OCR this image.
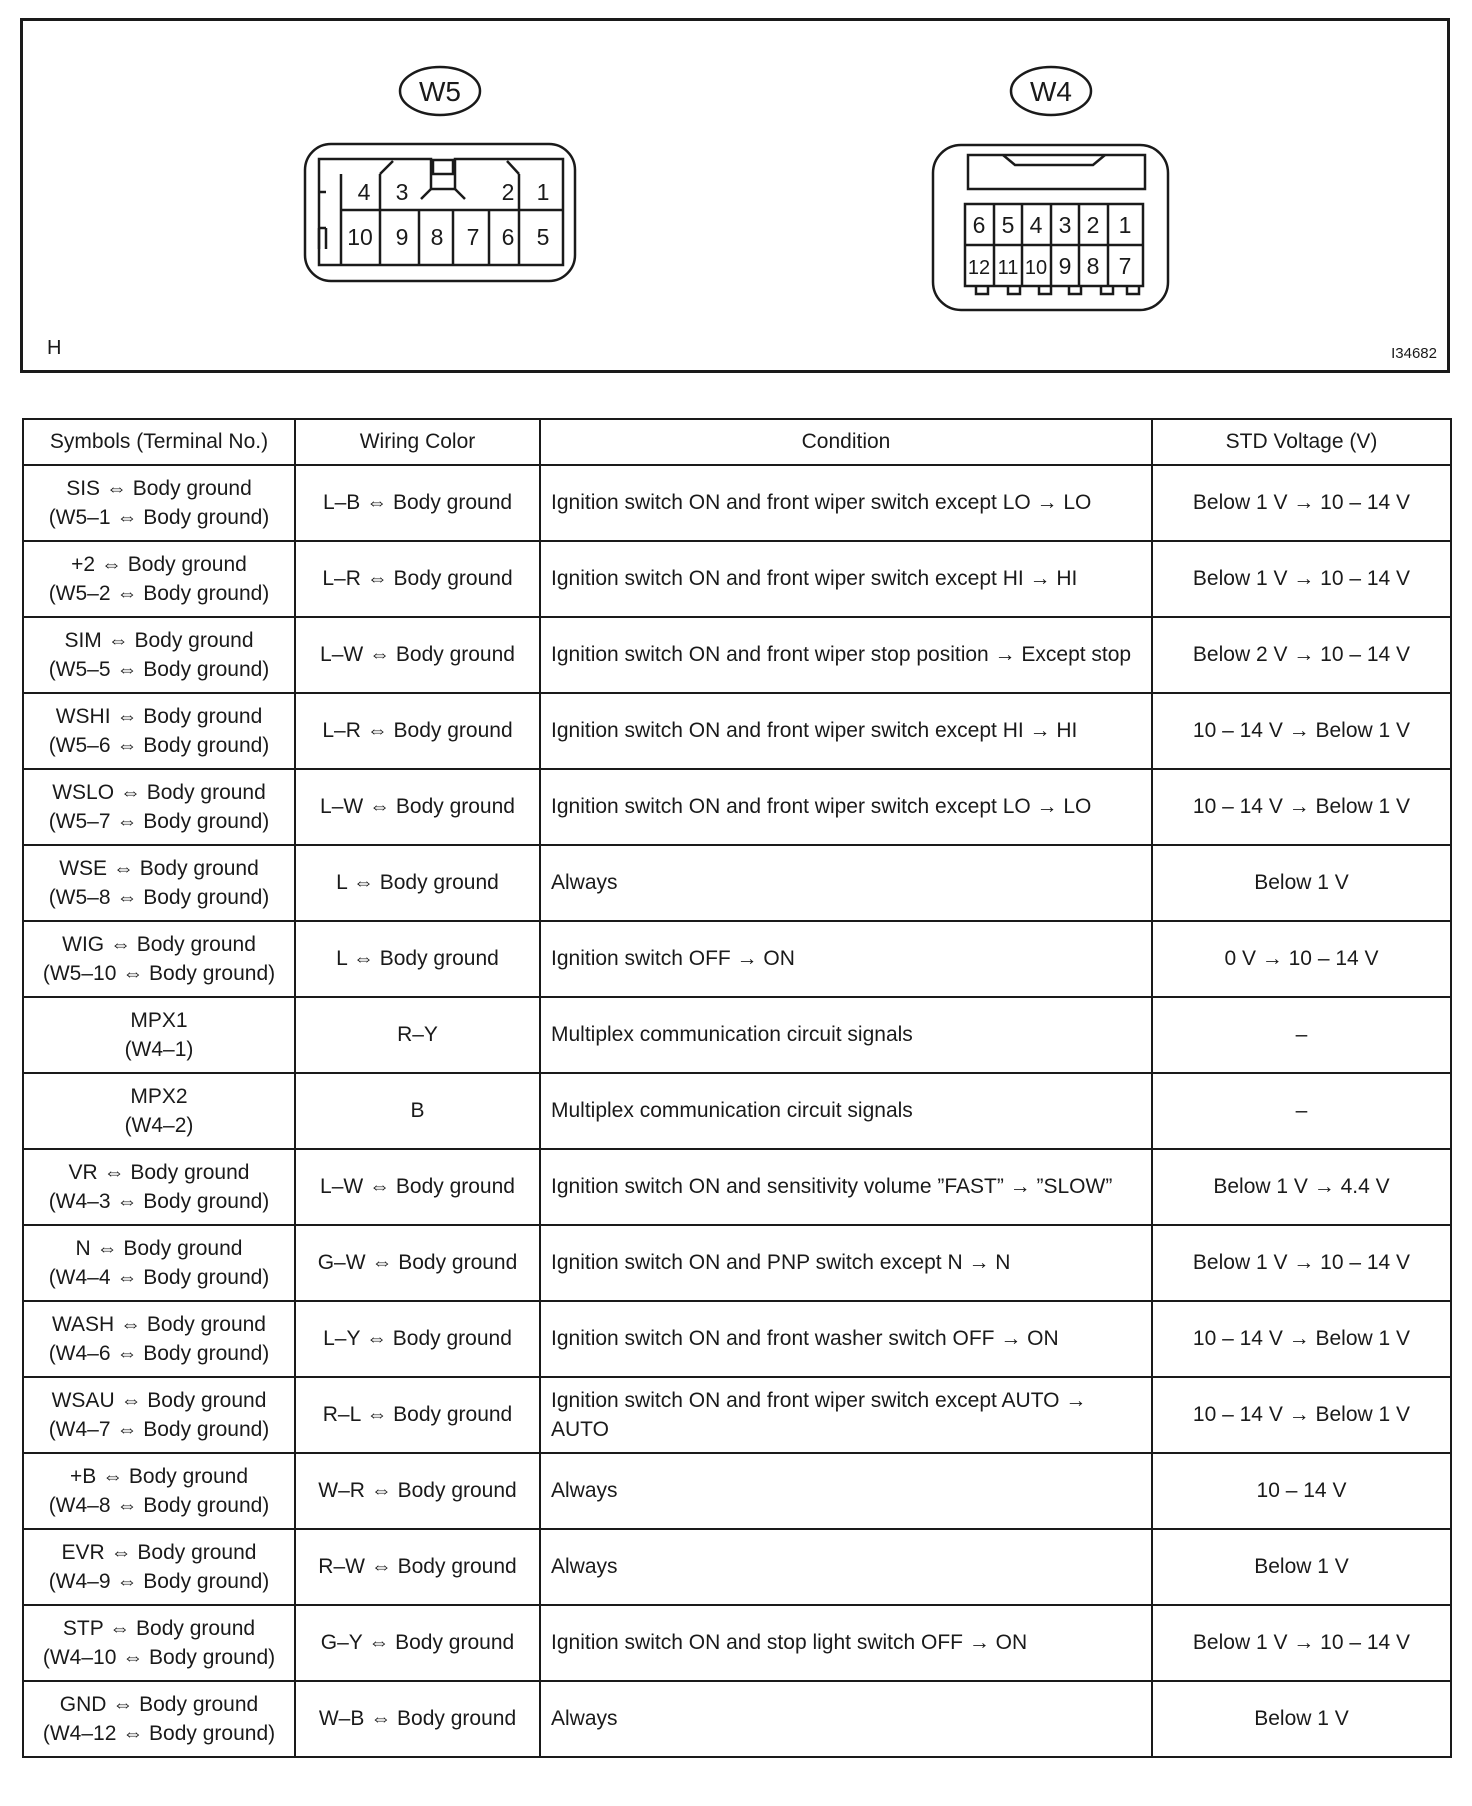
W5
4 3	2 1
10 9 8 7 6 5
W4
6 5 4 3 2 1
12 11 10 9 8 7
H	I34682
Symbols (Terminal No.)	Wiring Color	Condition	STD Voltage (V)

SIS ⇔ Body ground
(W5–1 ⇔ Body ground)	L–B ⇔ Body ground	Ignition switch ON and front wiper switch except LO → LO	Below 1 V → 10 – 14 V

+2 ⇔ Body ground
(W5–2 ⇔ Body ground)	L–R ⇔ Body ground	Ignition switch ON and front wiper switch except HI → HI	Below 1 V → 10 – 14 V

SIM ⇔ Body ground
(W5–5 ⇔ Body ground)	L–W ⇔ Body ground	Ignition switch ON and front wiper stop position → Except stop	Below 2 V → 10 – 14 V

WSHI ⇔ Body ground
(W5–6 ⇔ Body ground)	L–R ⇔ Body ground	Ignition switch ON and front wiper switch except HI → HI	10 – 14 V → Below 1 V

WSLO ⇔ Body ground
(W5–7 ⇔ Body ground)	L–W ⇔ Body ground	Ignition switch ON and front wiper switch except LO → LO	10 – 14 V → Below 1 V

WSE ⇔ Body ground
(W5–8 ⇔ Body ground)	L ⇔ Body ground	Always	Below 1 V

WIG ⇔ Body ground
(W5–10 ⇔ Body ground)	L ⇔ Body ground	Ignition switch OFF → ON	0 V → 10 – 14 V

MPX1
(W4–1)	R–Y	Multiplex communication circuit signals	–

MPX2
(W4–2)	B	Multiplex communication circuit signals	–

VR ⇔ Body ground
(W4–3 ⇔ Body ground)	L–W ⇔ Body ground	Ignition switch ON and sensitivity volume ”FAST” → ”SLOW”	Below 1 V → 4.4 V

N ⇔ Body ground
(W4–4 ⇔ Body ground)	G–W ⇔ Body ground	Ignition switch ON and PNP switch except N → N	Below 1 V → 10 – 14 V

WASH ⇔ Body ground
(W4–6 ⇔ Body ground)	L–Y ⇔ Body ground	Ignition switch ON and front washer switch OFF → ON	10 – 14 V → Below 1 V

WSAU ⇔ Body ground
(W4–7 ⇔ Body ground)	R–L ⇔ Body ground	Ignition switch ON and front wiper switch except AUTO → AUTO	10 – 14 V → Below 1 V

+B ⇔ Body ground
(W4–8 ⇔ Body ground)	W–R ⇔ Body ground	Always	10 – 14 V

EVR ⇔ Body ground
(W4–9 ⇔ Body ground)	R–W ⇔ Body ground	Always	Below 1 V

STP ⇔ Body ground
(W4–10 ⇔ Body ground)	G–Y ⇔ Body ground	Ignition switch ON and stop light switch OFF → ON	Below 1 V → 10 – 14 V

GND ⇔ Body ground
(W4–12 ⇔ Body ground)	W–B ⇔ Body ground	Always	Below 1 V
